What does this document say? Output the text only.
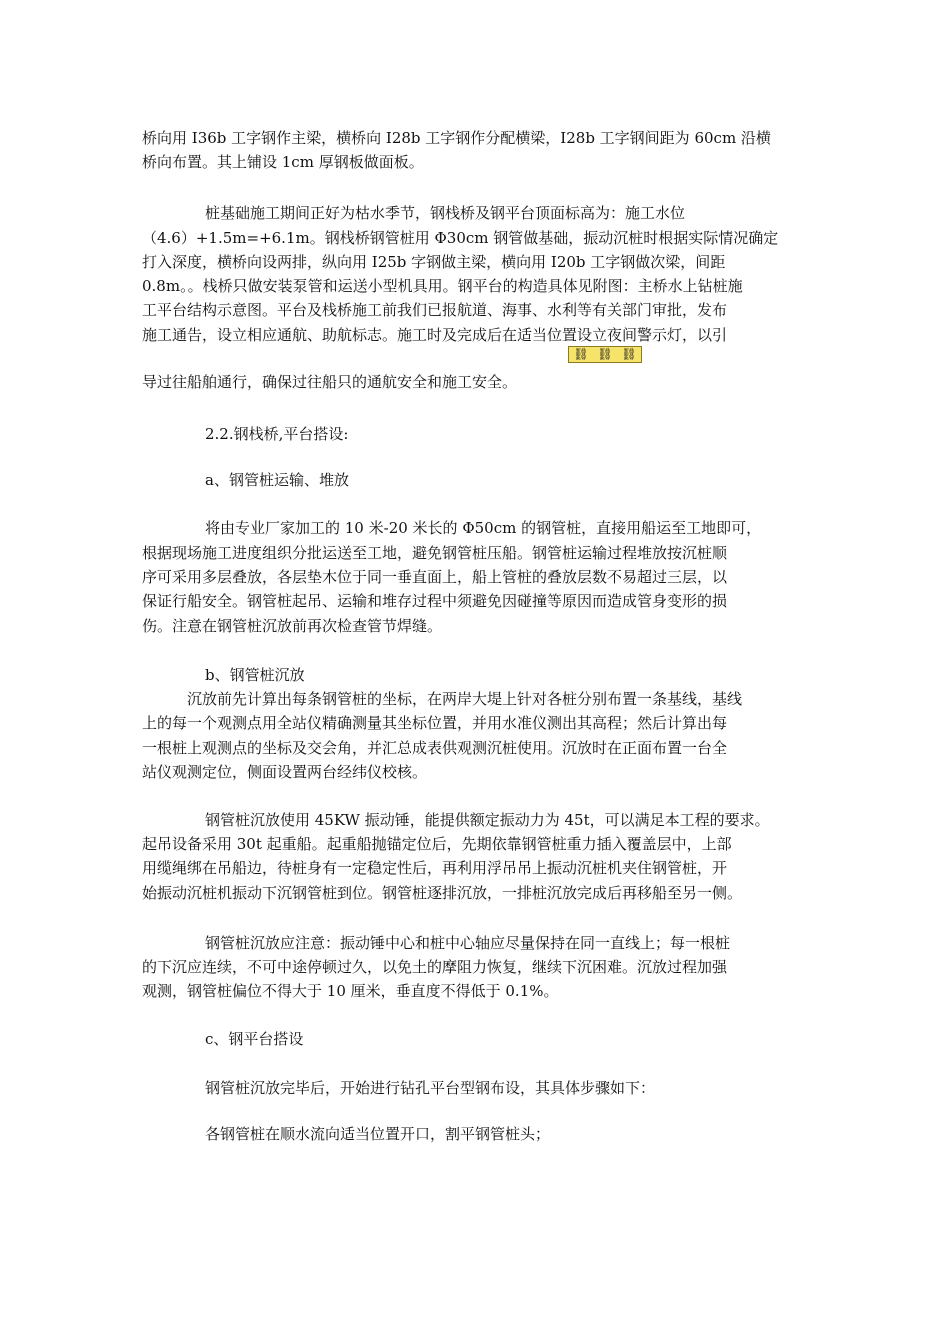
桥向用 I36b 工字钢作主梁，横桥向 I28b 工字钢作分配横梁，I28b 工字钢间距为 60cm 沿横

桥向布置。其上铺设 1cm 厚钢板做面板。

桩基础施工期间正好为枯水季节，钢栈桥及钢平台顶面标高为：施工水位

（4.6）+1.5m=+6.1m。钢栈桥钢管桩用 Φ30cm 钢管做基础，振动沉桩时根据实际情况确定

打入深度，横桥向设两排，纵向用 I25b 字钢做主梁，横向用 I20b 工字钢做次梁，间距

0.8m。。栈桥只做安装泵管和运送小型机具用。钢平台的构造具体见附图：主桥水上钻桩施

工平台结构示意图。平台及栈桥施工前我们已报航道、海事、水利等有关部门审批，发布

施工通告，设立相应通航、助航标志。施工时及完成后在适当位置设立夜间警示灯，以引

⛓ ⛓ ⛓

导过往船舶通行，确保过往船只的通航安全和施工安全。

2.2.钢栈桥,平台搭设:

a、钢管桩运输、堆放

将由专业厂家加工的 10 米-20 米长的 Φ50cm 的钢管桩，直接用船运至工地即可，

根据现场施工进度组织分批运送至工地，避免钢管桩压船。钢管桩运输过程堆放按沉桩顺

序可采用多层叠放，各层垫木位于同一垂直面上，船上管桩的叠放层数不易超过三层，以

保证行船安全。钢管桩起吊、运输和堆存过程中须避免因碰撞等原因而造成管身变形的损

伤。注意在钢管桩沉放前再次检查管节焊缝。

b、钢管桩沉放

沉放前先计算出每条钢管桩的坐标，在两岸大堤上针对各桩分别布置一条基线，基线

上的每一个观测点用全站仪精确测量其坐标位置，并用水准仪测出其高程；然后计算出每

一根桩上观测点的坐标及交会角，并汇总成表供观测沉桩使用。沉放时在正面布置一台全

站仪观测定位，侧面设置两台经纬仪校核。

钢管桩沉放使用 45KW 振动锤，能提供额定振动力为 45t，可以满足本工程的要求。

起吊设备采用 30t 起重船。起重船抛锚定位后，先期依靠钢管桩重力插入覆盖层中，上部

用缆绳绑在吊船边，待桩身有一定稳定性后，再利用浮吊吊上振动沉桩机夹住钢管桩，开

始振动沉桩机振动下沉钢管桩到位。钢管桩逐排沉放，一排桩沉放完成后再移船至另一侧。

钢管桩沉放应注意：振动锤中心和桩中心轴应尽量保持在同一直线上；每一根桩

的下沉应连续，不可中途停顿过久，以免土的摩阻力恢复，继续下沉困难。沉放过程加强

观测，钢管桩偏位不得大于 10 厘米，垂直度不得低于 0.1%。

c、钢平台搭设

钢管桩沉放完毕后，开始进行钻孔平台型钢布设，其具体步骤如下：

各钢管桩在顺水流向适当位置开口，割平钢管桩头；
